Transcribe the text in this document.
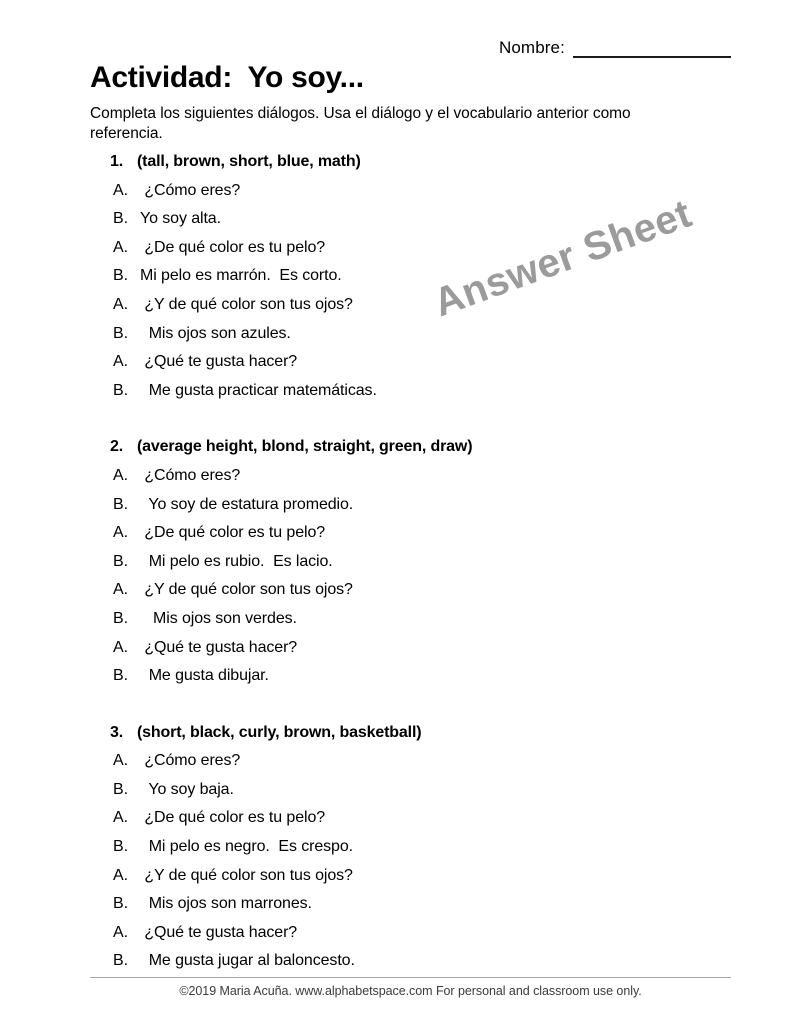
Nombre:
Actividad:  Yo soy...
Completa los siguientes diálogos. Usa el diálogo y el vocabulario anterior como referencia.
1. (tall, brown, short, blue, math)
A. ¿Cómo eres?
B. Yo soy alta.
A. ¿De qué color es tu pelo?
B. Mi pelo es marrón.  Es corto.
A. ¿Y de qué color son tus ojos?
B. Mis ojos son azules.
A. ¿Qué te gusta hacer?
B. Me gusta practicar matemáticas.
2. (average height, blond, straight, green, draw)
A. ¿Cómo eres?
B. Yo soy de estatura promedio.
A. ¿De qué color es tu pelo?
B. Mi pelo es rubio.  Es lacio.
A. ¿Y de qué color son tus ojos?
B. Mis ojos son verdes.
A. ¿Qué te gusta hacer?
B. Me gusta dibujar.
3. (short, black, curly, brown, basketball)
A. ¿Cómo eres?
B. Yo soy baja.
A. ¿De qué color es tu pelo?
B. Mi pelo es negro.  Es crespo.
A. ¿Y de qué color son tus ojos?
B. Mis ojos son marrones.
A. ¿Qué te gusta hacer?
B. Me gusta jugar al baloncesto.
Answer Sheet
©2019 Maria Acuña. www.alphabetspace.com For personal and classroom use only.
